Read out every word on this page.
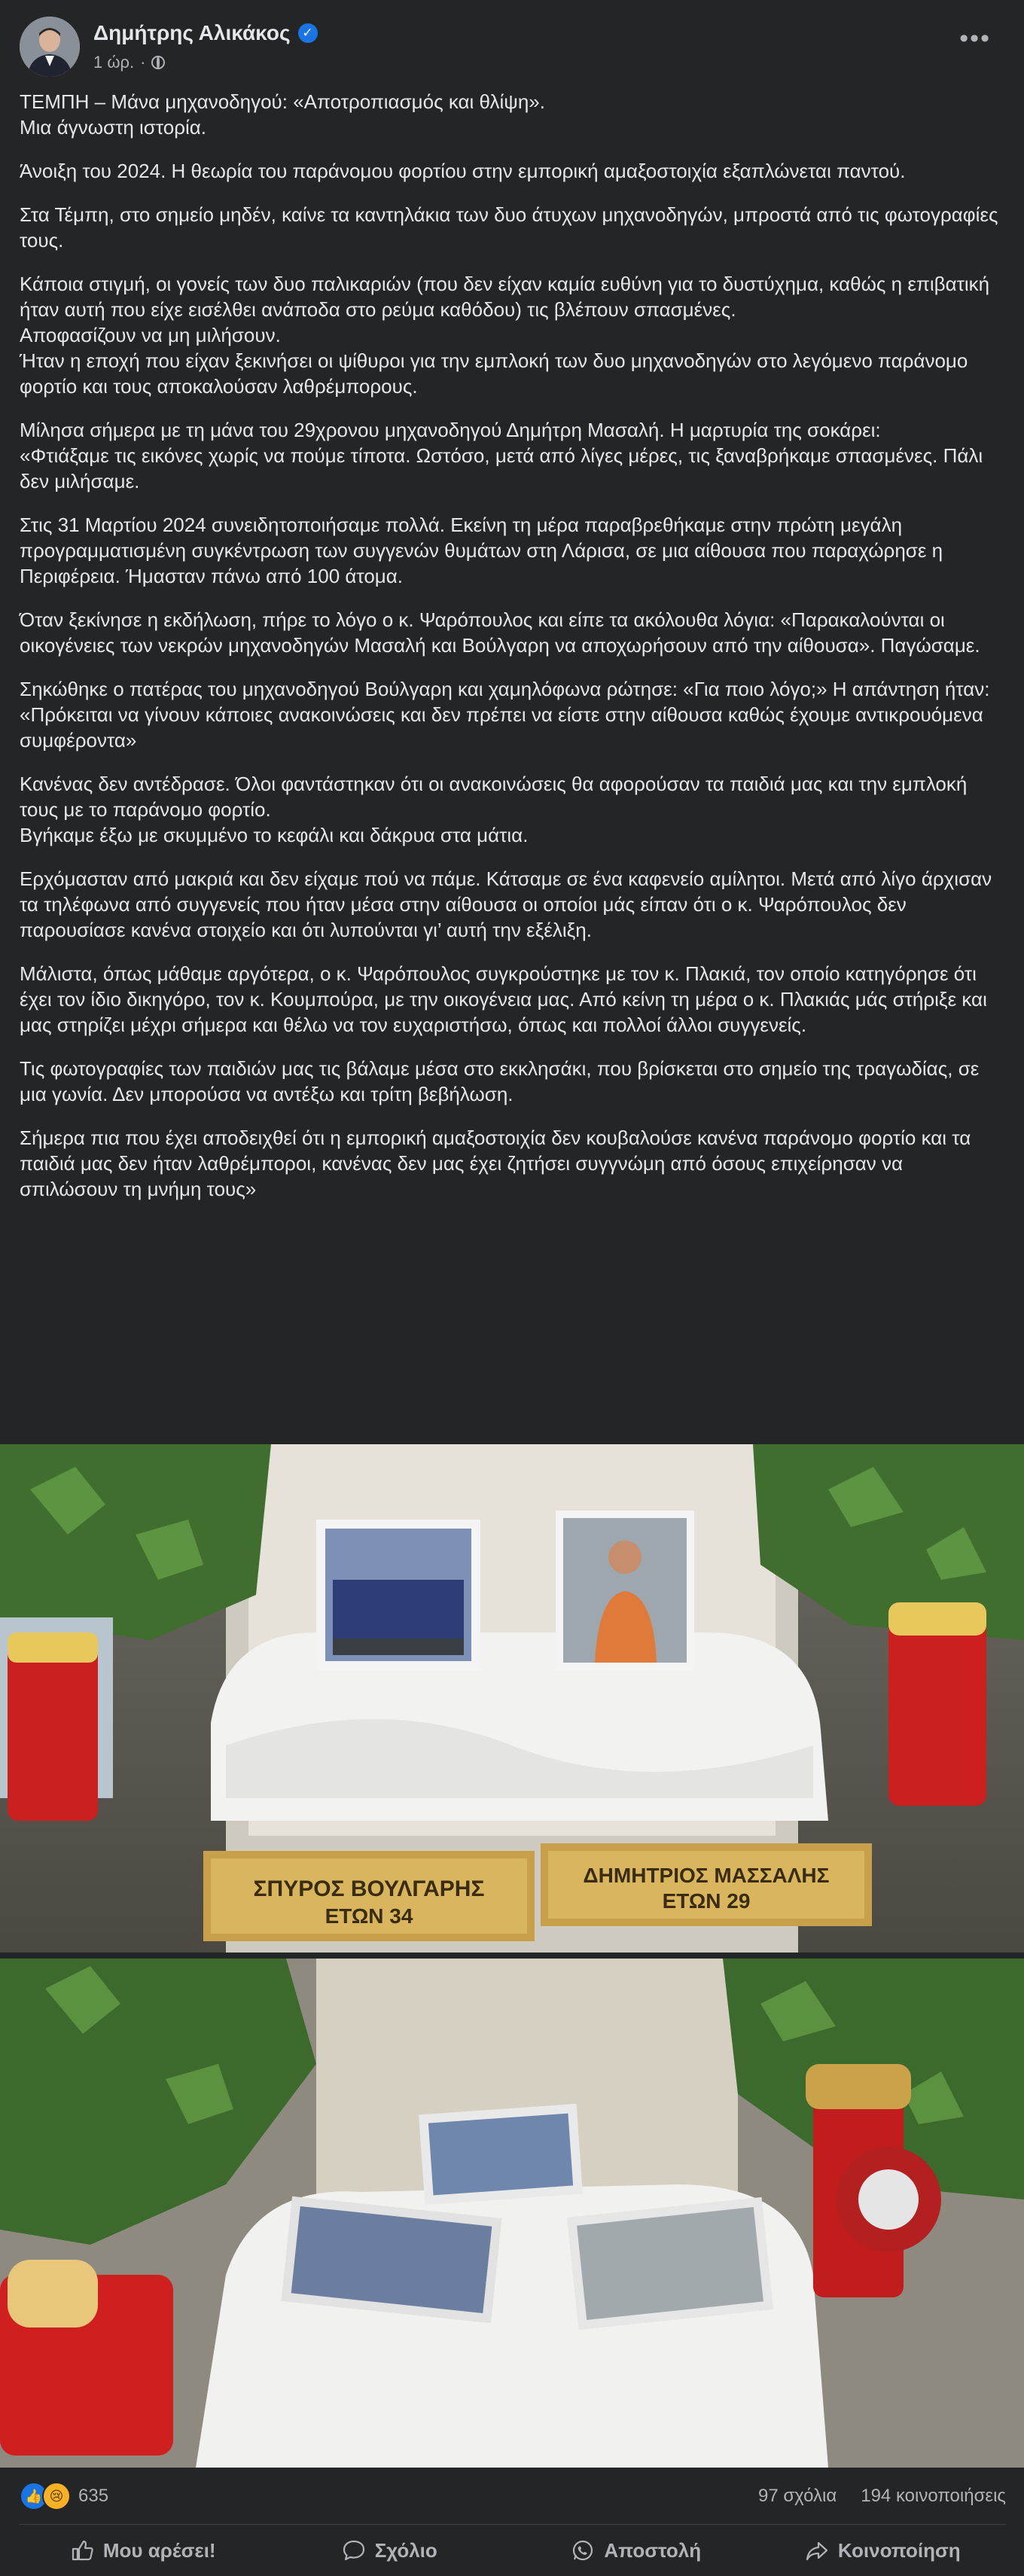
Δημήτρης Αλικάκος ✓
1 ώρ. ·
•••

ΤΕΜΠΗ – Μάνα μηχανοδηγού: «Αποτροπιασμός και θλίψη».
Μια άγνωστη ιστορία.

Άνοιξη του 2024. Η θεωρία του παράνομου φορτίου στην εμπορική αμαξοστοιχία εξαπλώνεται παντού.

Στα Τέμπη, στο σημείο μηδέν, καίνε τα καντηλάκια των δυο άτυχων μηχανοδηγών, μπροστά από τις φωτογραφίες τους.

Κάποια στιγμή, οι γονείς των δυο παλικαριών (που δεν είχαν καμία ευθύνη για το δυστύχημα, καθώς η επιβατική ήταν αυτή που είχε εισέλθει ανάποδα στο ρεύμα καθόδου) τις βλέπουν σπασμένες.
Αποφασίζουν να μη μιλήσουν.
Ήταν η εποχή που είχαν ξεκινήσει οι ψίθυροι για την εμπλοκή των δυο μηχανοδηγών στο λεγόμενο παράνομο φορτίο και τους αποκαλούσαν λαθρέμπορους.

Μίλησα σήμερα με τη μάνα του 29χρονου μηχανοδηγού Δημήτρη Μασαλή. Η μαρτυρία της σοκάρει:
«Φτιάξαμε τις εικόνες χωρίς να πούμε τίποτα. Ωστόσο, μετά από λίγες μέρες, τις ξαναβρήκαμε σπασμένες. Πάλι δεν μιλήσαμε.

Στις 31 Μαρτίου 2024 συνειδητοποιήσαμε πολλά. Εκείνη τη μέρα παραβρεθήκαμε στην πρώτη μεγάλη προγραμματισμένη συγκέντρωση των συγγενών θυμάτων στη Λάρισα, σε μια αίθουσα που παραχώρησε η Περιφέρεια. Ήμασταν πάνω από 100 άτομα.

Όταν ξεκίνησε η εκδήλωση, πήρε το λόγο ο κ. Ψαρόπουλος και είπε τα ακόλουθα λόγια: «Παρακαλούνται οι οικογένειες των νεκρών μηχανοδηγών Μασαλή και Βούλγαρη να αποχωρήσουν από την αίθουσα». Παγώσαμε.

Σηκώθηκε ο πατέρας του μηχανοδηγού Βούλγαρη και χαμηλόφωνα ρώτησε: «Για ποιο λόγο;» Η απάντηση ήταν: «Πρόκειται να γίνουν κάποιες ανακοινώσεις και δεν πρέπει να είστε στην αίθουσα καθώς έχουμε αντικρουόμενα συμφέροντα»

Κανένας δεν αντέδρασε. Όλοι φαντάστηκαν ότι οι ανακοινώσεις θα αφορούσαν τα παιδιά μας και την εμπλοκή τους με το παράνομο φορτίο.
Βγήκαμε έξω με σκυμμένο το κεφάλι και δάκρυα στα μάτια.

Ερχόμασταν από μακριά και δεν είχαμε πού να πάμε. Κάτσαμε σε ένα καφενείο αμίλητοι. Μετά από λίγο άρχισαν τα τηλέφωνα από συγγενείς που ήταν μέσα στην αίθουσα οι οποίοι μάς είπαν ότι ο κ. Ψαρόπουλος δεν παρουσίασε κανένα στοιχείο και ότι λυπούνται γι’ αυτή την εξέλιξη.

Μάλιστα, όπως μάθαμε αργότερα, ο κ. Ψαρόπουλος συγκρούστηκε με τον κ. Πλακιά, τον οποίο κατηγόρησε ότι έχει τον ίδιο δικηγόρο, τον κ. Κουμπούρα, με την οικογένεια μας. Από κείνη τη μέρα ο κ. Πλακιάς μάς στήριξε και μας στηρίζει μέχρι σήμερα και θέλω να τον ευχαριστήσω, όπως και πολλοί άλλοι συγγενείς.

Τις φωτογραφίες των παιδιών μας τις βάλαμε μέσα στο εκκλησάκι, που βρίσκεται στο σημείο της τραγωδίας, σε μια γωνία. Δεν μπορούσα να αντέξω και τρίτη βεβήλωση.

Σήμερα πια που έχει αποδειχθεί ότι η εμπορική αμαξοστοιχία δεν κουβαλούσε κανένα παράνομο φορτίο και τα παιδιά μας δεν ήταν λαθρέμποροι, κανένας δεν μας έχει ζητήσει συγγνώμη από όσους επιχείρησαν να σπιλώσουν τη μνήμη τους»

ΣΠΥΡΟΣ ΒΟΥΛΓΑΡΗΣ
ΕΤΩΝ 34
ΔΗΜΗΤΡΙΟΣ ΜΑΣΣΑΛΗΣ
ΕΤΩΝ 29
👍 😢 635	97 σχόλια 194 κοινοποιήσεις
Μου αρέσει!	Σχόλιο	Αποστολή	Κοινοποίηση
